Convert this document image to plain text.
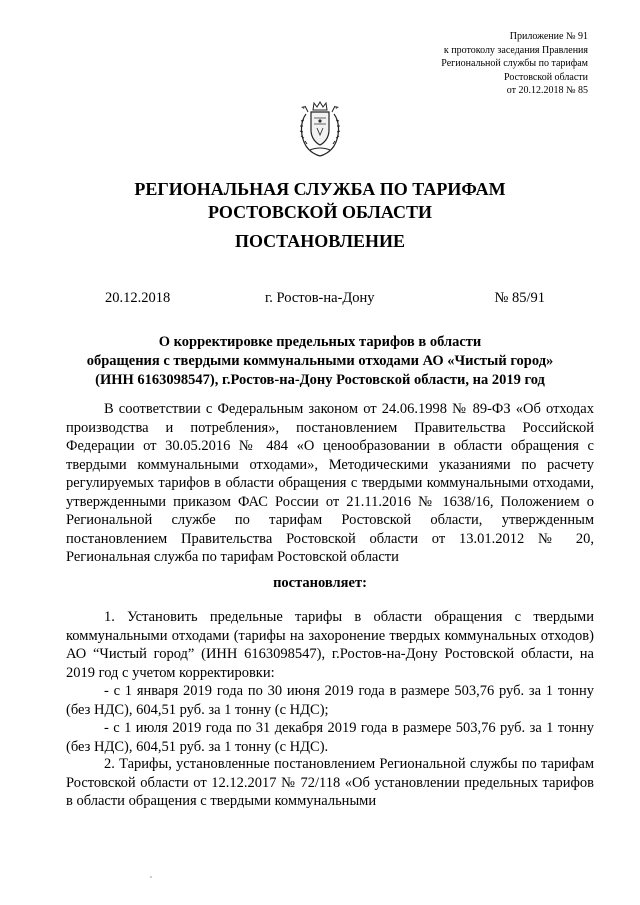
Приложение № 91
к протоколу заседания Правления
Региональной службы по тарифам
Ростовской области
от 20.12.2018 № 85
РЕГИОНАЛЬНАЯ СЛУЖБА ПО ТАРИФАМ
РОСТОВСКОЙ ОБЛАСТИ
ПОСТАНОВЛЕНИЕ
20.12.2018	г. Ростов-на-Дону	№ 85/91
О корректировке предельных тарифов в области
обращения с твердыми коммунальными отходами АО «Чистый город»
(ИНН 6163098547), г.Ростов-на-Дону Ростовской области, на 2019 год
В соответствии с Федеральным законом от 24.06.1998 № 89-ФЗ «Об отходах производства и потребления», постановлением Правительства Российской Федерации от 30.05.2016 № 484 «О ценообразовании в области обращения с твердыми коммунальными отходами», Методическими указаниями по расчету регулируемых тарифов в области обращения с твердыми коммунальными отходами, утвержденными приказом ФАС России от 21.11.2016 № 1638/16, Положением о Региональной службе по тарифам Ростовской области, утвержденным постановлением Правительства Ростовской области от 13.01.2012 № 20, Региональная служба по тарифам Ростовской области
постановляет:

1. Установить предельные тарифы в области обращения с твердыми коммунальными отходами (тарифы на захоронение твердых коммунальных отходов) АО “Чистый город” (ИНН 6163098547), г.Ростов-на-Дону Ростовской области, на 2019 год с учетом корректировки:

- с 1 января 2019 года по 30 июня 2019 года в размере 503,76 руб. за 1 тонну (без НДС), 604,51 руб. за 1 тонну (с НДС);

- с 1 июля 2019 года по 31 декабря 2019 года в размере 503,76 руб. за 1 тонну (без НДС), 604,51 руб. за 1 тонну (с НДС).

2. Тарифы, установленные постановлением Региональной службы по тарифам Ростовской области от 12.12.2017 № 72/118 «Об установлении предельных тарифов в области обращения с твердыми коммунальными
